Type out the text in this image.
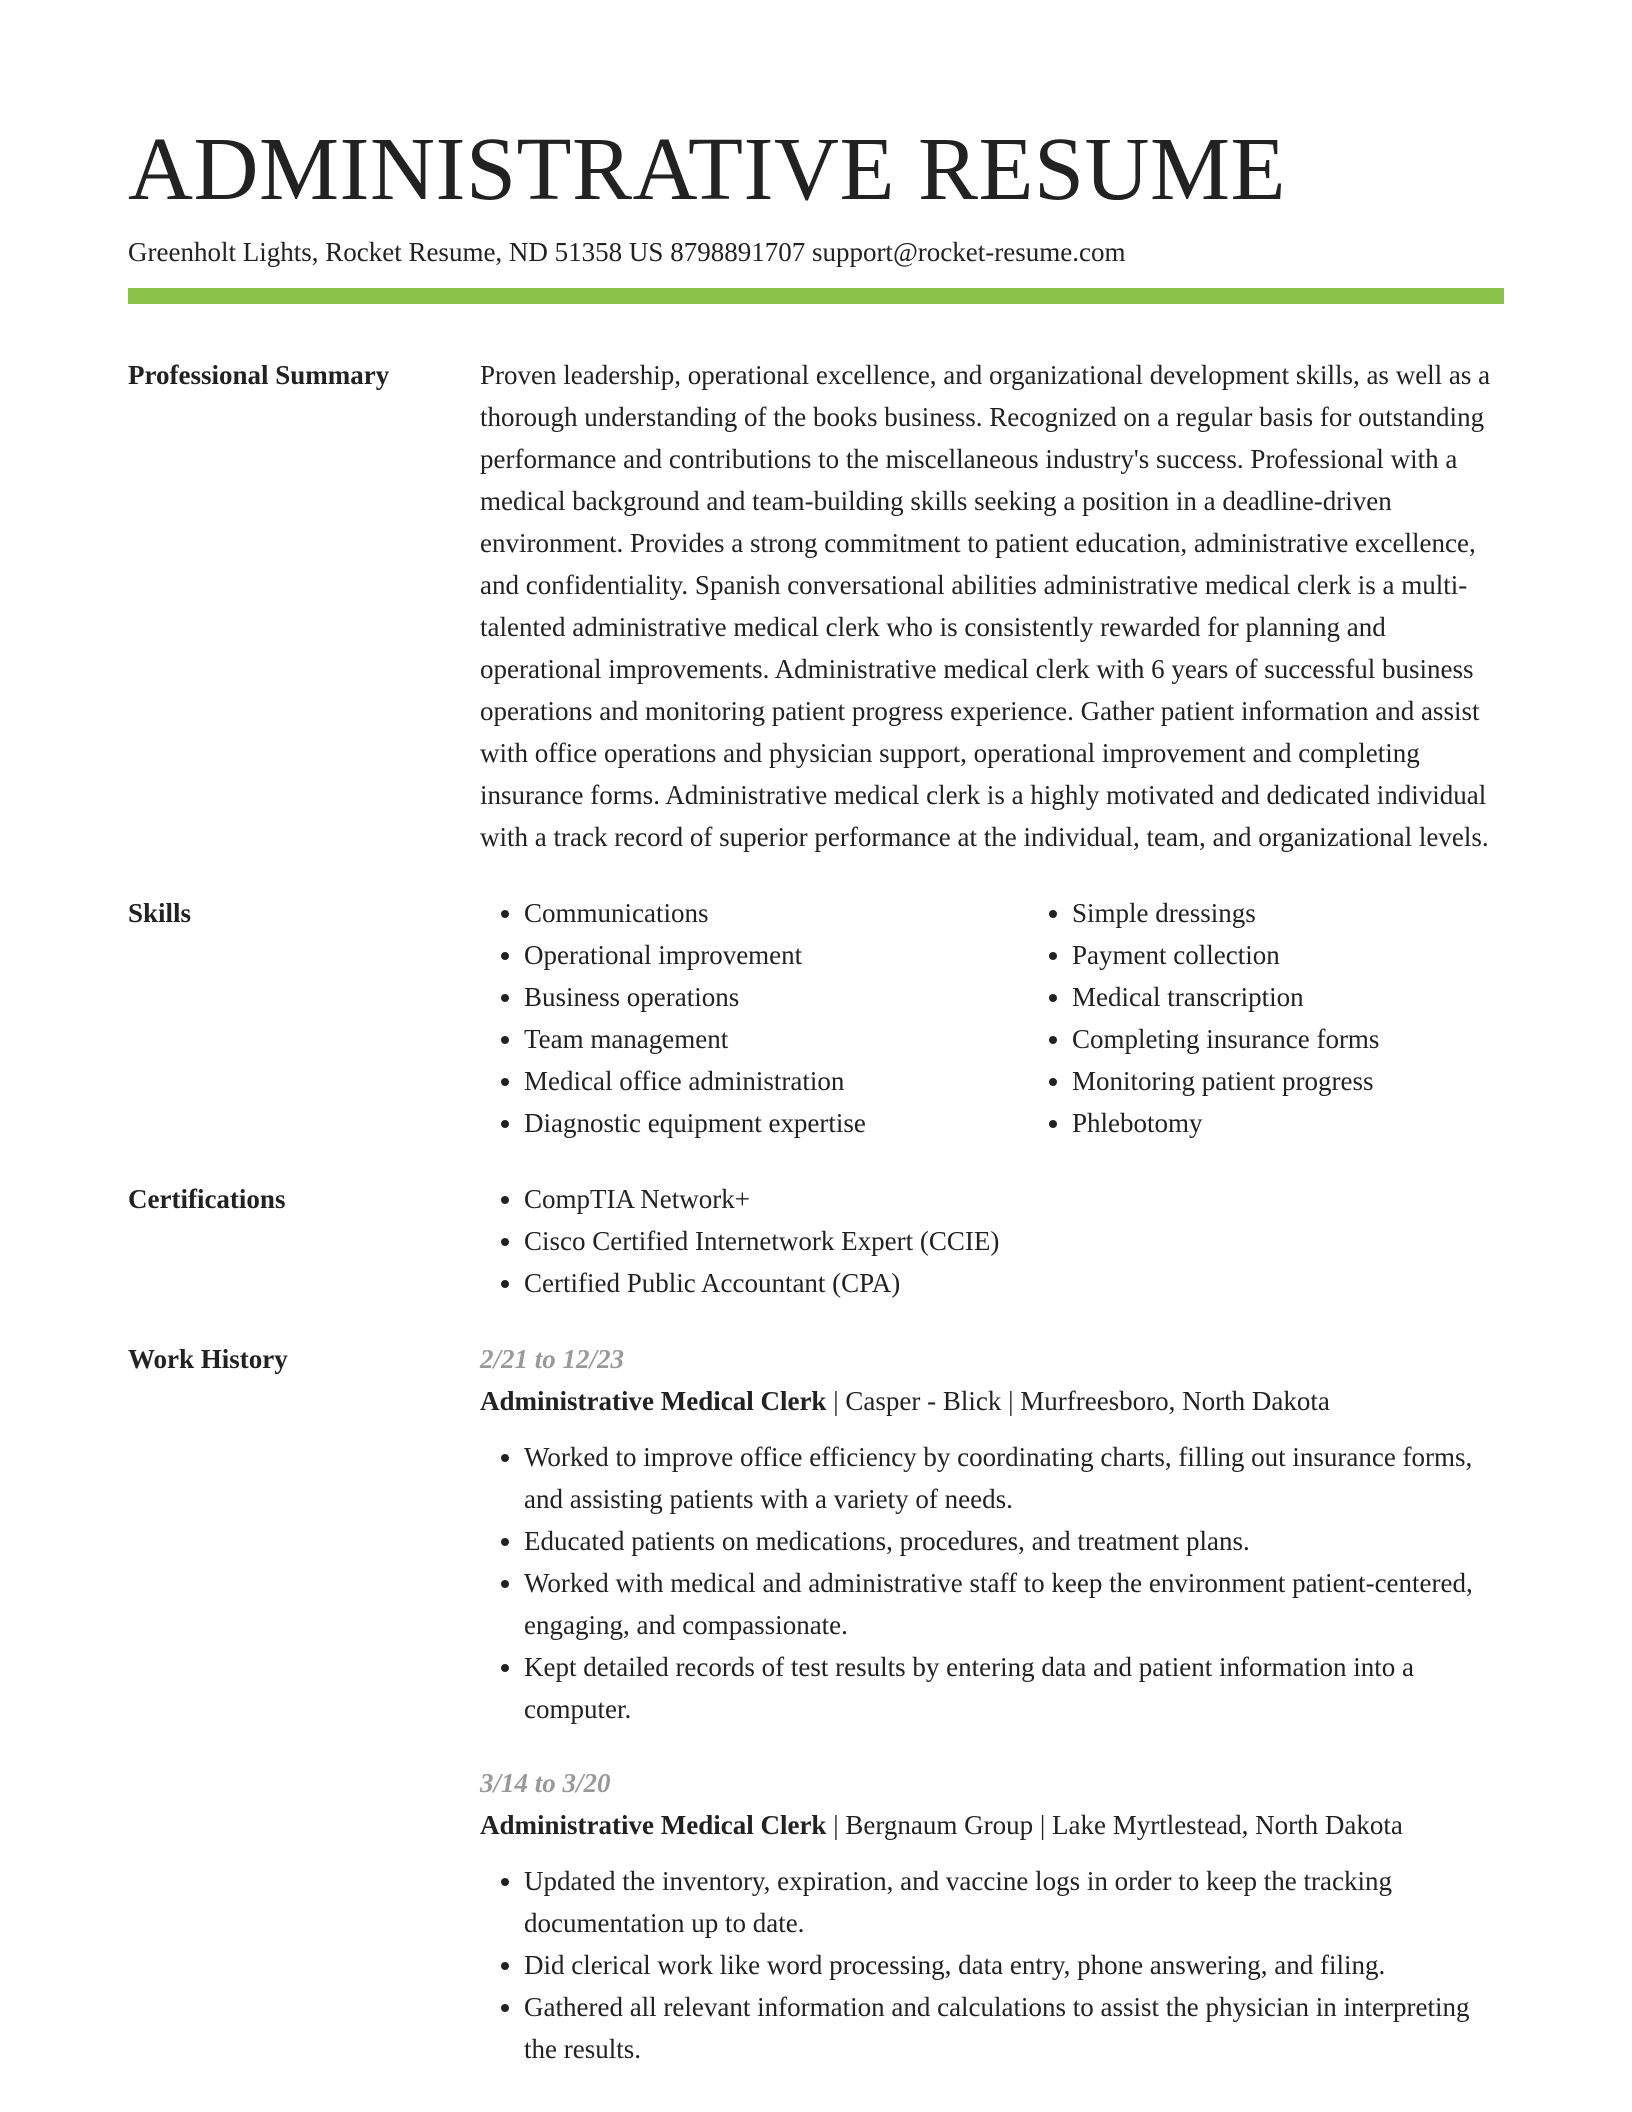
ADMINISTRATIVE RESUME
Greenholt Lights, Rocket Resume, ND 51358 US 8798891707 support@rocket-resume.com
Professional Summary	Proven leadership, operational excellence, and organizational development skills, as well as a thorough understanding of the books business. Recognized on a regular basis for outstanding performance and contributions to the miscellaneous industry's success. Professional with a medical background and team-building skills seeking a position in a deadline-driven environment. Provides a strong commitment to patient education, administrative excellence, and confidentiality. Spanish conversational abilities administrative medical clerk is a multi-talented administrative medical clerk who is consistently rewarded for planning and operational improvements. Administrative medical clerk with 6 years of successful business operations and monitoring patient progress experience. Gather patient information and assist with office operations and physician support, operational improvement and completing insurance forms. Administrative medical clerk is a highly motivated and dedicated individual with a track record of superior performance at the individual, team, and organizational levels.

Skills	• Communications
• Operational improvement
• Business operations
• Team management
• Medical office administration
• Diagnostic equipment expertise
• Simple dressings
• Payment collection
• Medical transcription
• Completing insurance forms
• Monitoring patient progress
• Phlebotomy
Certifications	• CompTIA Network+
• Cisco Certified Internetwork Expert (CCIE)
• Certified Public Accountant (CPA)
Work History	2/21 to 12/23
Administrative Medical Clerk | Casper - Blick | Murfreesboro, North Dakota
• Worked to improve office efficiency by coordinating charts, filling out insurance forms, and assisting patients with a variety of needs.
• Educated patients on medications, procedures, and treatment plans.
• Worked with medical and administrative staff to keep the environment patient-centered, engaging, and compassionate.
• Kept detailed records of test results by entering data and patient information into a computer.
3/14 to 3/20
Administrative Medical Clerk | Bergnaum Group | Lake Myrtlestead, North Dakota
• Updated the inventory, expiration, and vaccine logs in order to keep the tracking documentation up to date.
• Did clerical work like word processing, data entry, phone answering, and filing.
• Gathered all relevant information and calculations to assist the physician in interpreting the results.
